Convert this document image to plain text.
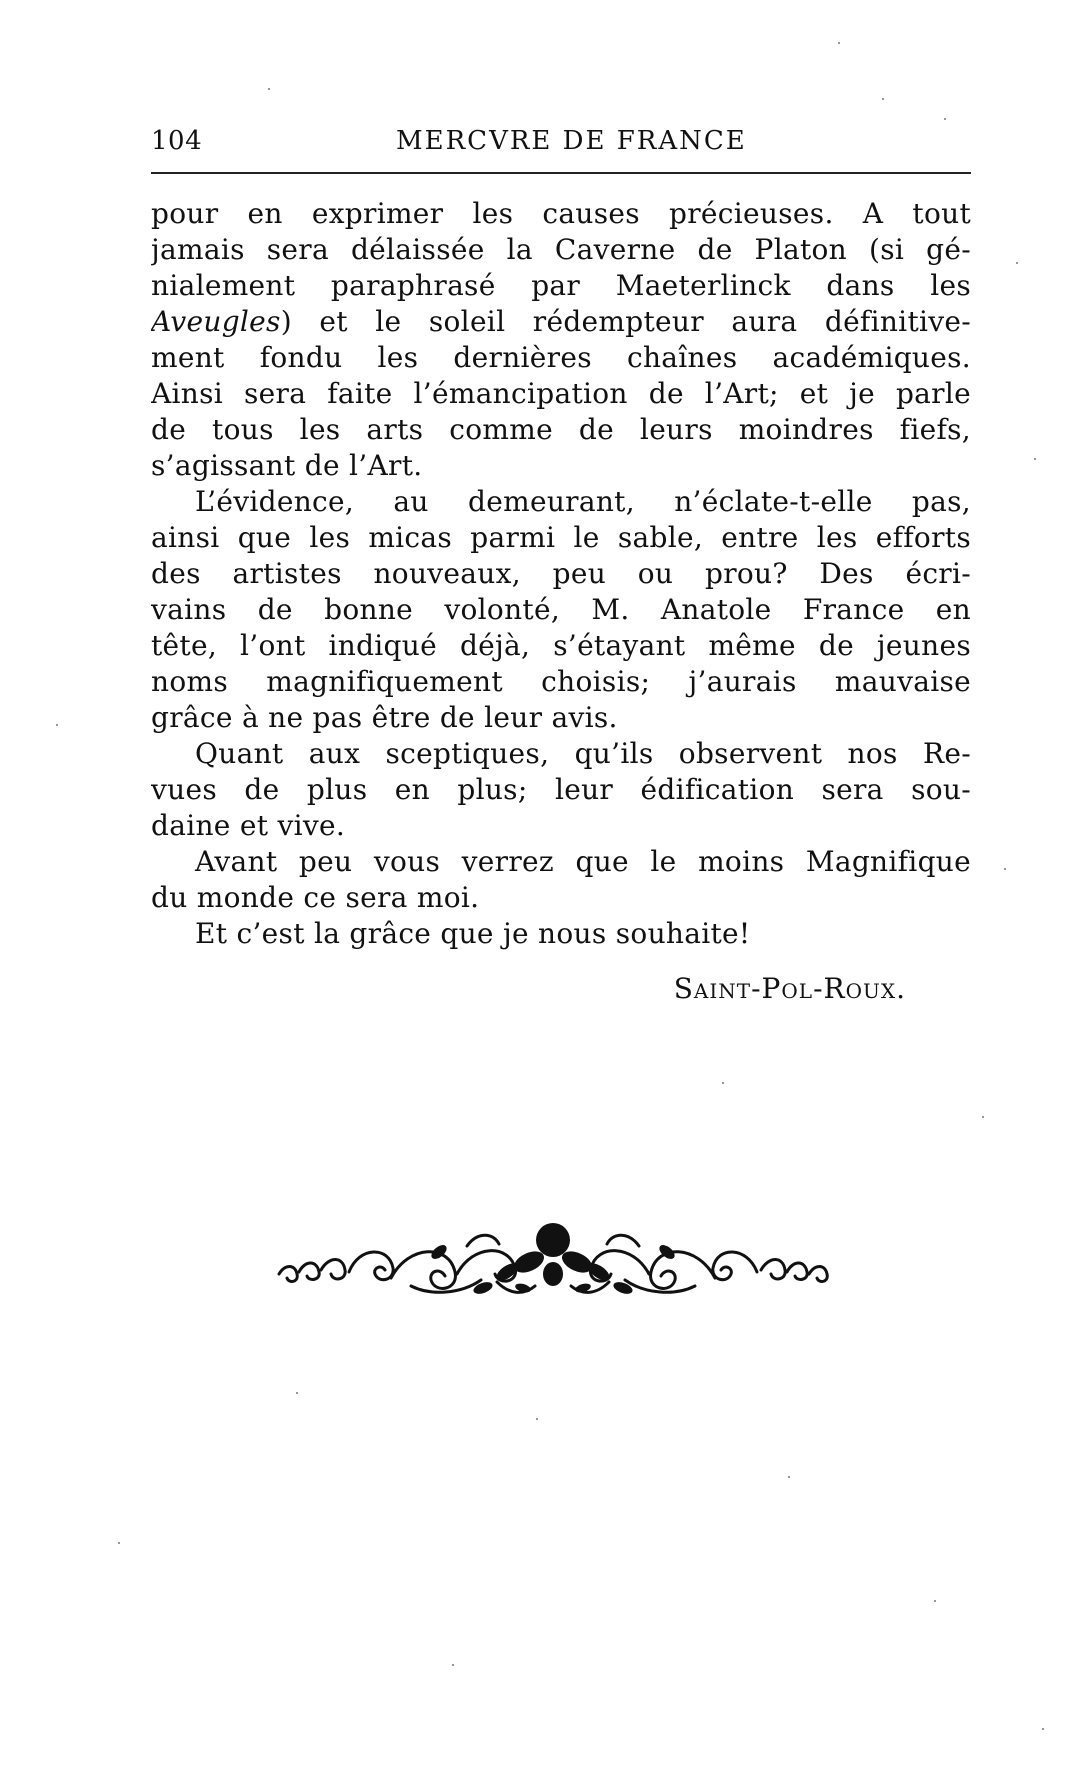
104	MERCVRE DE FRANCE
pour en exprimer les causes précieuses. A tout
jamais sera délaissée la Caverne de Platon (si gé-
nialement paraphrasé par Maeterlinck dans les
Aveugles) et le soleil rédempteur aura définitive-
ment fondu les dernières chaînes académiques.
Ainsi sera faite l’émancipation de l’Art; et je parle
de tous les arts comme de leurs moindres fiefs,
s’agissant de l’Art.
L’évidence, au demeurant, n’éclate-t-elle pas,
ainsi que les micas parmi le sable, entre les efforts
des artistes nouveaux, peu ou prou? Des écri-
vains de bonne volonté, M. Anatole France en
tête, l’ont indiqué déjà, s’étayant même de jeunes
noms magnifiquement choisis; j’aurais mauvaise
grâce à ne pas être de leur avis.
Quant aux sceptiques, qu’ils observent nos Re-
vues de plus en plus; leur édification sera sou-
daine et vive.
Avant peu vous verrez que le moins Magnifique
du monde ce sera moi.
Et c’est la grâce que je nous souhaite!
Saint-Pol-Roux.
